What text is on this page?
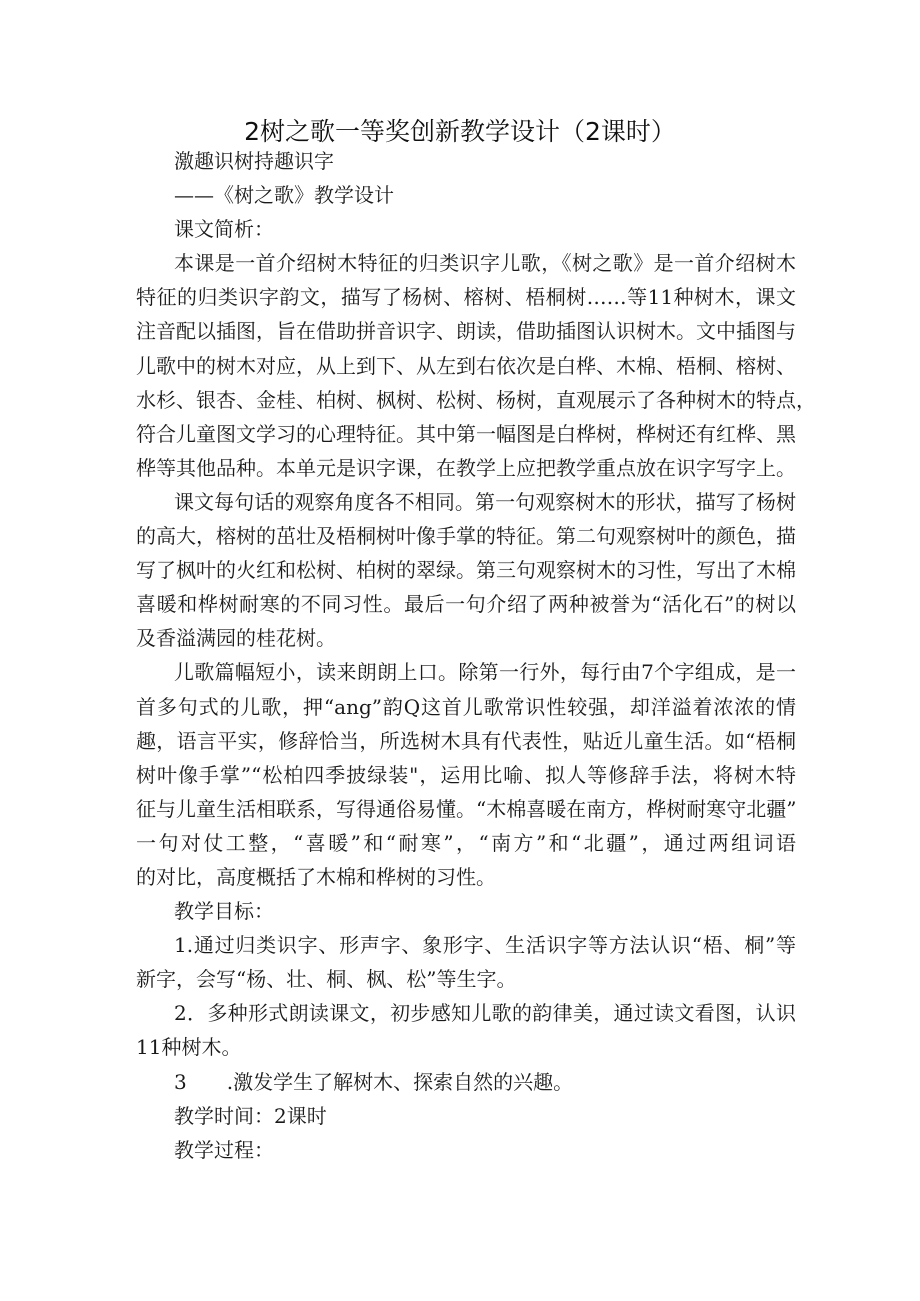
2树之歌一等奖创新教学设计（2课时）
激趣识树持趣识字
——《树之歌》教学设计
课文简析：
本课是一首介绍树木特征的归类识字儿歌，《树之歌》是一首介绍树木
特征的归类识字韵文，描写了杨树、榕树、梧桐树……等11种树木，课文
注音配以插图，旨在借助拼音识字、朗读，借助插图认识树木。文中插图与
儿歌中的树木对应，从上到下、从左到右依次是白桦、木棉、梧桐、榕树、
水杉、银杏、金桂、柏树、枫树、松树、杨树，直观展示了各种树木的特点，
符合儿童图文学习的心理特征。其中第一幅图是白桦树，桦树还有红桦、黑
桦等其他品种。本单元是识字课，在教学上应把教学重点放在识字写字上。
课文每句话的观察角度各不相同。第一句观察树木的形状，描写了杨树
的高大，榕树的茁壮及梧桐树叶像手掌的特征。第二句观察树叶的颜色，描
写了枫叶的火红和松树、柏树的翠绿。第三句观察树木的习性，写出了木棉
喜暖和桦树耐寒的不同习性。最后一句介绍了两种被誉为“活化石”的树以
及香溢满园的桂花树。
儿歌篇幅短小，读来朗朗上口。除第一行外，每行由7个字组成，是一
首多句式的儿歌，押“ang”韵Q这首儿歌常识性较强，却洋溢着浓浓的情
趣，语言平实，修辞恰当，所选树木具有代表性，贴近儿童生活。如“梧桐
树叶像手掌”“松柏四季披绿装"，运用比喻、拟人等修辞手法，将树木特
征与儿童生活相联系，写得通俗易懂。“木棉喜暖在南方，桦树耐寒守北疆”
一句对仗工整，“喜暖”和“耐寒”，“南方”和“北疆”，通过两组词语
的对比，高度概括了木棉和桦树的习性。
教学目标：
1.通过归类识字、形声字、象形字、生活识字等方法认识“梧、桐”等
新字，会写“杨、壮、桐、枫、松”等生字。
2．多种形式朗读课文，初步感知儿歌的韵律美，通过读文看图，认识
11种树木。
3　　.激发学生了解树木、探索自然的兴趣。
教学时间：2课时
教学过程：
